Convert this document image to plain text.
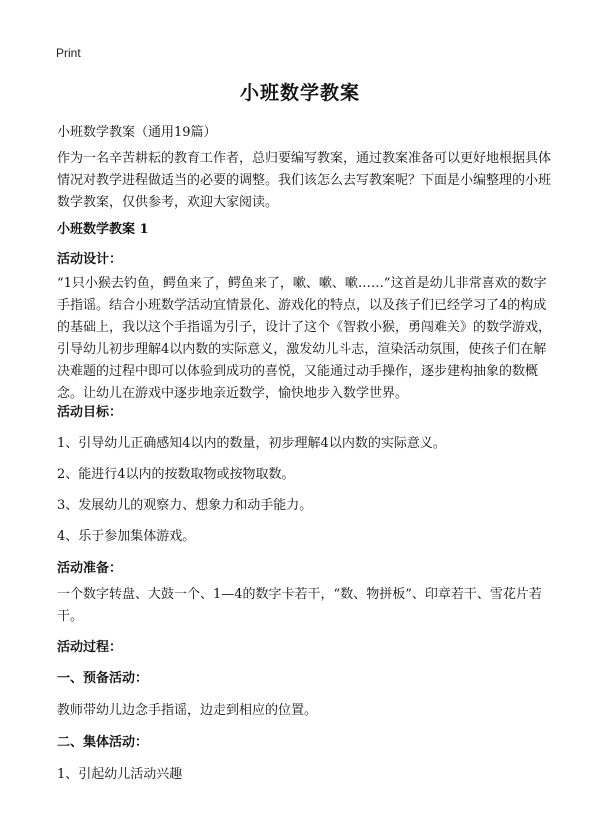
Print
小班数学教案
小班数学教案（通用19篇）

作为一名辛苦耕耘的教育工作者，总归要编写教案，通过教案准备可以更好地根据具体情况对教学进程做适当的必要的调整。我们该怎么去写教案呢？下面是小编整理的小班数学教案，仅供参考，欢迎大家阅读。

小班数学教案 1
活动设计：

“1只小猴去钓鱼，鳄鱼来了，鳄鱼来了，嗽、嗽、嗽……”这首是幼儿非常喜欢的数字手指谣。结合小班数学活动宜情景化、游戏化的特点，以及孩子们已经学习了4的构成的基础上，我以这个手指谣为引子，设计了这个《智救小猴，勇闯难关》的数学游戏，引导幼儿初步理解4以内数的实际意义，激发幼儿斗志，渲染活动氛围，使孩子们在解决难题的过程中即可以体验到成功的喜悦，又能通过动手操作，逐步建构抽象的数概念。让幼儿在游戏中逐步地亲近数学，愉快地步入数学世界。

活动目标：
1、引导幼儿正确感知4以内的数量，初步理解4以内数的实际意义。
2、能进行4以内的按数取物或按物取数。
3、发展幼儿的观察力、想象力和动手能力。
4、乐于参加集体游戏。
活动准备：

一个数字转盘、大鼓一个、1—4的数字卡若干，“数、物拼板”、印章若干、雪花片若干。

活动过程：
一、预备活动：
教师带幼儿边念手指谣，边走到相应的位置。
二、集体活动：
1、引起幼儿活动兴趣
